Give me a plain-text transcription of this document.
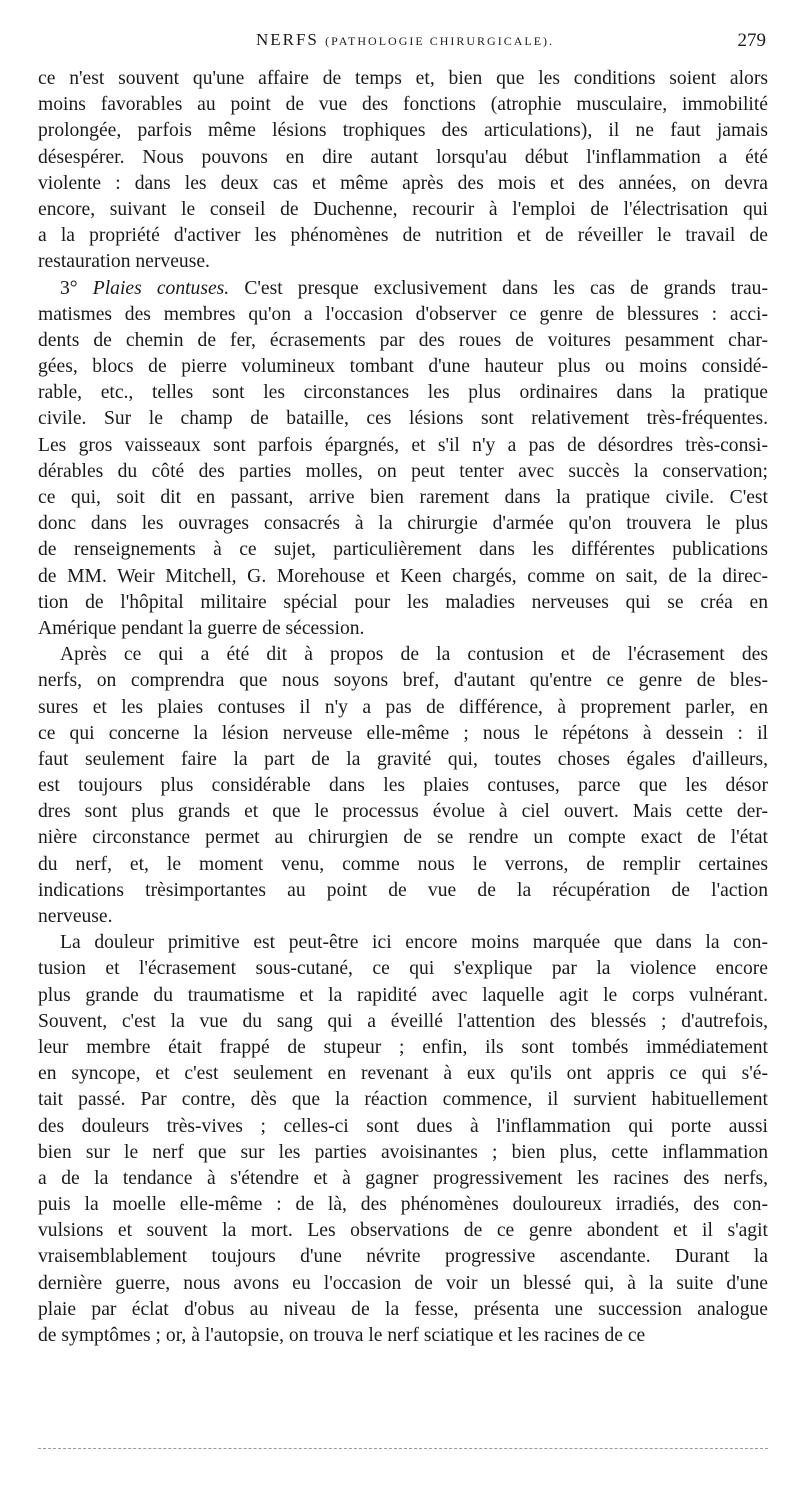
NERFS (PATHOLOGIE CHIRURGICALE).	279
ce n'est souvent qu'une affaire de temps et, bien que les conditions soient alors
moins favorables au point de vue des fonctions (atrophie musculaire, immobilité
prolongée, parfois même lésions trophiques des articulations), il ne faut jamais
désespérer. Nous pouvons en dire autant lorsqu'au début l'inflammation a été
violente : dans les deux cas et même après des mois et des années, on devra
encore, suivant le conseil de Duchenne, recourir à l'emploi de l'électrisation qui
a la propriété d'activer les phénomènes de nutrition et de réveiller le travail de
restauration nerveuse.
3° Plaies contuses. C'est presque exclusivement dans les cas de grands trau-
matismes des membres qu'on a l'occasion d'observer ce genre de blessures : acci-
dents de chemin de fer, écrasements par des roues de voitures pesamment char-
gées, blocs de pierre volumineux tombant d'une hauteur plus ou moins considé-
rable, etc., telles sont les circonstances les plus ordinaires dans la pratique
civile. Sur le champ de bataille, ces lésions sont relativement très-fréquentes.
Les gros vaisseaux sont parfois épargnés, et s'il n'y a pas de désordres très-consi-
dérables du côté des parties molles, on peut tenter avec succès la conservation;
ce qui, soit dit en passant, arrive bien rarement dans la pratique civile. C'est
donc dans les ouvrages consacrés à la chirurgie d'armée qu'on trouvera le plus
de renseignements à ce sujet, particulièrement dans les différentes publications
de MM. Weir Mitchell, G. Morehouse et Keen chargés, comme on sait, de la direc-
tion de l'hôpital militaire spécial pour les maladies nerveuses qui se créa en
Amérique pendant la guerre de sécession.
Après ce qui a été dit à propos de la contusion et de l'écrasement des
nerfs, on comprendra que nous soyons bref, d'autant qu'entre ce genre de bles-
sures et les plaies contuses il n'y a pas de différence, à proprement parler, en
ce qui concerne la lésion nerveuse elle-même ; nous le répétons à dessein : il
faut seulement faire la part de la gravité qui, toutes choses égales d'ailleurs,
est toujours plus considérable dans les plaies contuses, parce que les désor
dres sont plus grands et que le processus évolue à ciel ouvert. Mais cette der-
nière circonstance permet au chirurgien de se rendre un compte exact de l'état
du nerf, et, le moment venu, comme nous le verrons, de remplir certaines
indications trèsimportantes au point de vue de la récupération de l'action
nerveuse.
La douleur primitive est peut-être ici encore moins marquée que dans la con-
tusion et l'écrasement sous-cutané, ce qui s'explique par la violence encore
plus grande du traumatisme et la rapidité avec laquelle agit le corps vulnérant.
Souvent, c'est la vue du sang qui a éveillé l'attention des blessés ; d'autrefois,
leur membre était frappé de stupeur ; enfin, ils sont tombés immédiatement
en syncope, et c'est seulement en revenant à eux qu'ils ont appris ce qui s'é-
tait passé. Par contre, dès que la réaction commence, il survient habituellement
des douleurs très-vives ; celles-ci sont dues à l'inflammation qui porte aussi
bien sur le nerf que sur les parties avoisinantes ; bien plus, cette inflammation
a de la tendance à s'étendre et à gagner progressivement les racines des nerfs,
puis la moelle elle-même : de là, des phénomènes douloureux irradiés, des con-
vulsions et souvent la mort. Les observations de ce genre abondent et il s'agit
vraisemblablement toujours d'une névrite progressive ascendante. Durant la
dernière guerre, nous avons eu l'occasion de voir un blessé qui, à la suite d'une
plaie par éclat d'obus au niveau de la fesse, présenta une succession analogue
de symptômes ; or, à l'autopsie, on trouva le nerf sciatique et les racines de ce
